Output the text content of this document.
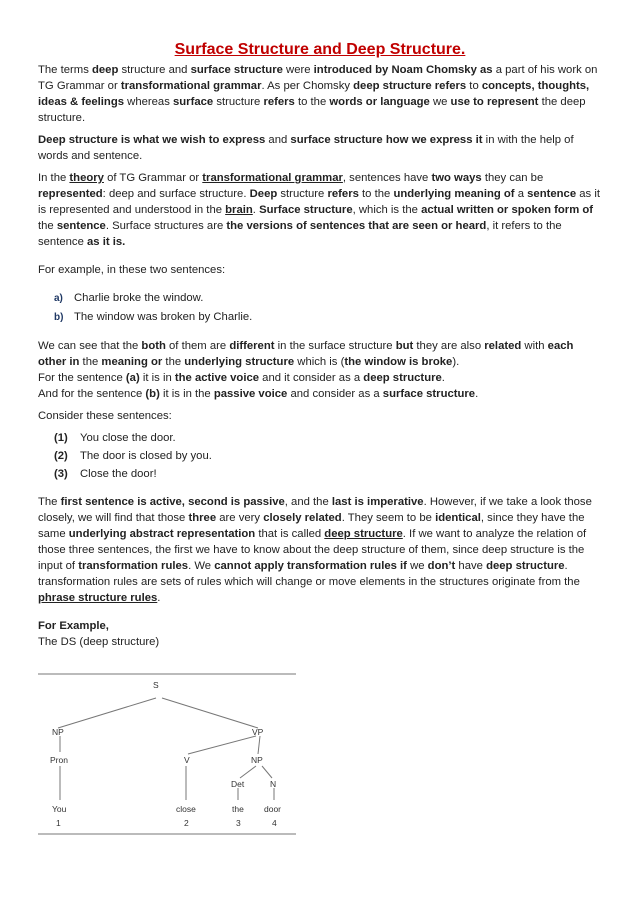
Surface Structure and Deep Structure.

The terms deep structure and surface structure were introduced by Noam Chomsky as a part of his work on TG Grammar or transformational grammar. As per Chomsky deep structure refers to concepts, thoughts, ideas & feelings whereas surface structure refers to the words or language we use to represent the deep structure.

Deep structure is what we wish to express and surface structure how we express it in with the help of words and sentence.

In the theory of TG Grammar or transformational grammar, sentences have two ways they can be represented: deep and surface structure. Deep structure refers to the underlying meaning of a sentence as it is represented and understood in the brain. Surface structure, which is the actual written or spoken form of the sentence. Surface structures are the versions of sentences that are seen or heard, it refers to the sentence as it is.

For example, in these two sentences:

a) Charlie broke the window.
b) The window was broken by Charlie.

We can see that the both of them are different in the surface structure but they are also related with each other in the meaning or the underlying structure which is (the window is broke).

For the sentence (a) it is in the active voice and it consider as a deep structure.

And for the sentence (b) it is in the passive voice and consider as a surface structure.

Consider these sentences:

(1) You close the door.
(2) The door is closed by you.
(3) Close the door!

The first sentence is active, second is passive, and the last is imperative. However, if we take a look those closely, we will find that those three are very closely related. They seem to be identical, since they have the same underlying abstract representation that is called deep structure. If we want to analyze the relation of those three sentences, the first we have to know about the deep structure of them, since deep structure is the input of transformation rules. We cannot apply transformation rules if we don’t have deep structure. transformation rules are sets of rules which will change or move elements in the structures originate from the phrase structure rules.

For Example,

The DS (deep structure)

S
NP	VP
Pron	V	NP
Det	N
You	close	the door
1	2	3	4
